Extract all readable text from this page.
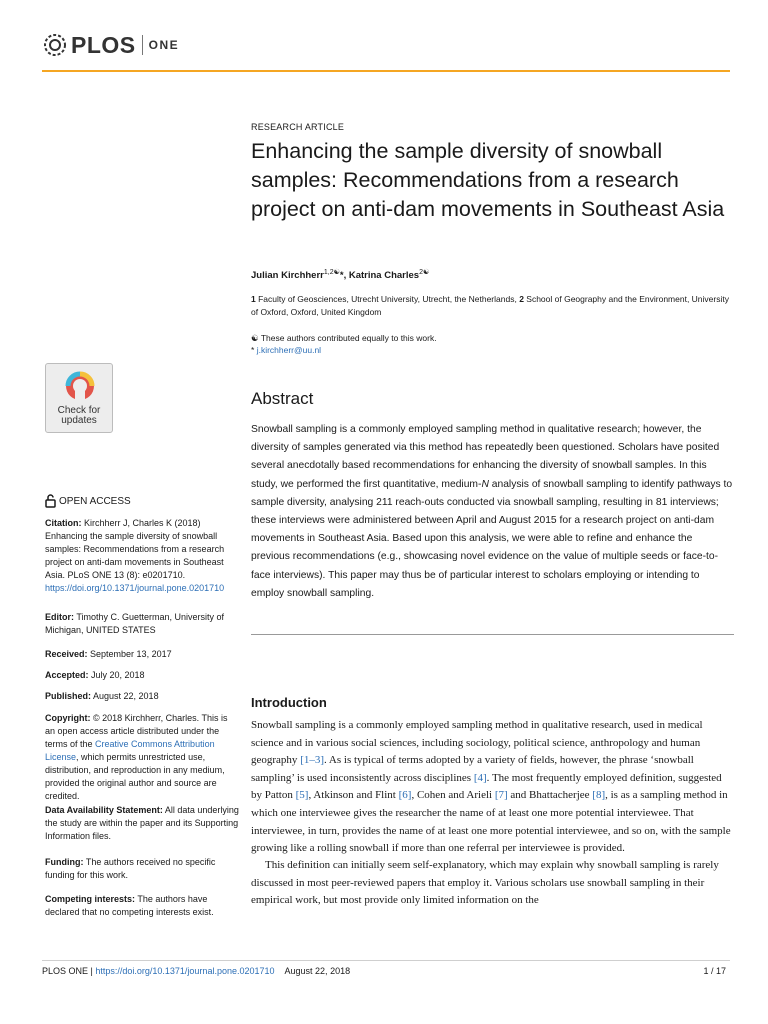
PLOS ONE
Check for updates
OPEN ACCESS
Citation: Kirchherr J, Charles K (2018) Enhancing the sample diversity of snowball samples: Recommendations from a research project on anti-dam movements in Southeast Asia. PLoS ONE 13 (8): e0201710. https://doi.org/10.1371/journal.pone.0201710
Editor: Timothy C. Guetterman, University of Michigan, UNITED STATES
Received: September 13, 2017
Accepted: July 20, 2018
Published: August 22, 2018
Copyright: © 2018 Kirchherr, Charles. This is an open access article distributed under the terms of the Creative Commons Attribution License, which permits unrestricted use, distribution, and reproduction in any medium, provided the original author and source are credited.
Data Availability Statement: All data underlying the study are within the paper and its Supporting Information files.
Funding: The authors received no specific funding for this work.
Competing interests: The authors have declared that no competing interests exist.
RESEARCH ARTICLE
Enhancing the sample diversity of snowball samples: Recommendations from a research project on anti-dam movements in Southeast Asia
Julian Kirchherr$^{1,2☯}$*, Katrina Charles$^{2☯}$
1 Faculty of Geosciences, Utrecht University, Utrecht, the Netherlands, 2 School of Geography and the Environment, University of Oxford, Oxford, United Kingdom
☯ These authors contributed equally to this work.
* j.kirchherr@uu.nl
Abstract

Snowball sampling is a commonly employed sampling method in qualitative research; however, the diversity of samples generated via this method has repeatedly been questioned. Scholars have posited several anecdotally based recommendations for enhancing the diversity of snowball samples. In this study, we performed the first quantitative, medium-N analysis of snowball sampling to identify pathways to sample diversity, analysing 211 reach-outs conducted via snowball sampling, resulting in 81 interviews; these interviews were administered between April and August 2015 for a research project on anti-dam movements in Southeast Asia. Based upon this analysis, we were able to refine and enhance the previous recommendations (e.g., showcasing novel evidence on the value of multiple seeds or face-to-face interviews). This paper may thus be of particular interest to scholars employing or intending to employ snowball sampling.

Introduction

Snowball sampling is a commonly employed sampling method in qualitative research, used in medical science and in various social sciences, including sociology, political science, anthropology and human geography [1–3]. As is typical of terms adopted by a variety of fields, however, the phrase ‘snowball sampling’ is used inconsistently across disciplines [4]. The most frequently employed definition, suggested by Patton [5], Atkinson and Flint [6], Cohen and Arieli [7] and Bhattacherjee [8], is as a sampling method in which one interviewee gives the researcher the name of at least one more potential interviewee. That interviewee, in turn, provides the name of at least one more potential interviewee, and so on, with the sample growing like a rolling snowball if more than one referral per interviewee is provided.

This definition can initially seem self-explanatory, which may explain why snowball sampling is rarely discussed in most peer-reviewed papers that employ it. Various scholars use snowball sampling in their empirical work, but most provide only limited information on the

PLOS ONE | https://doi.org/10.1371/journal.pone.0201710 August 22, 2018	1 / 17
